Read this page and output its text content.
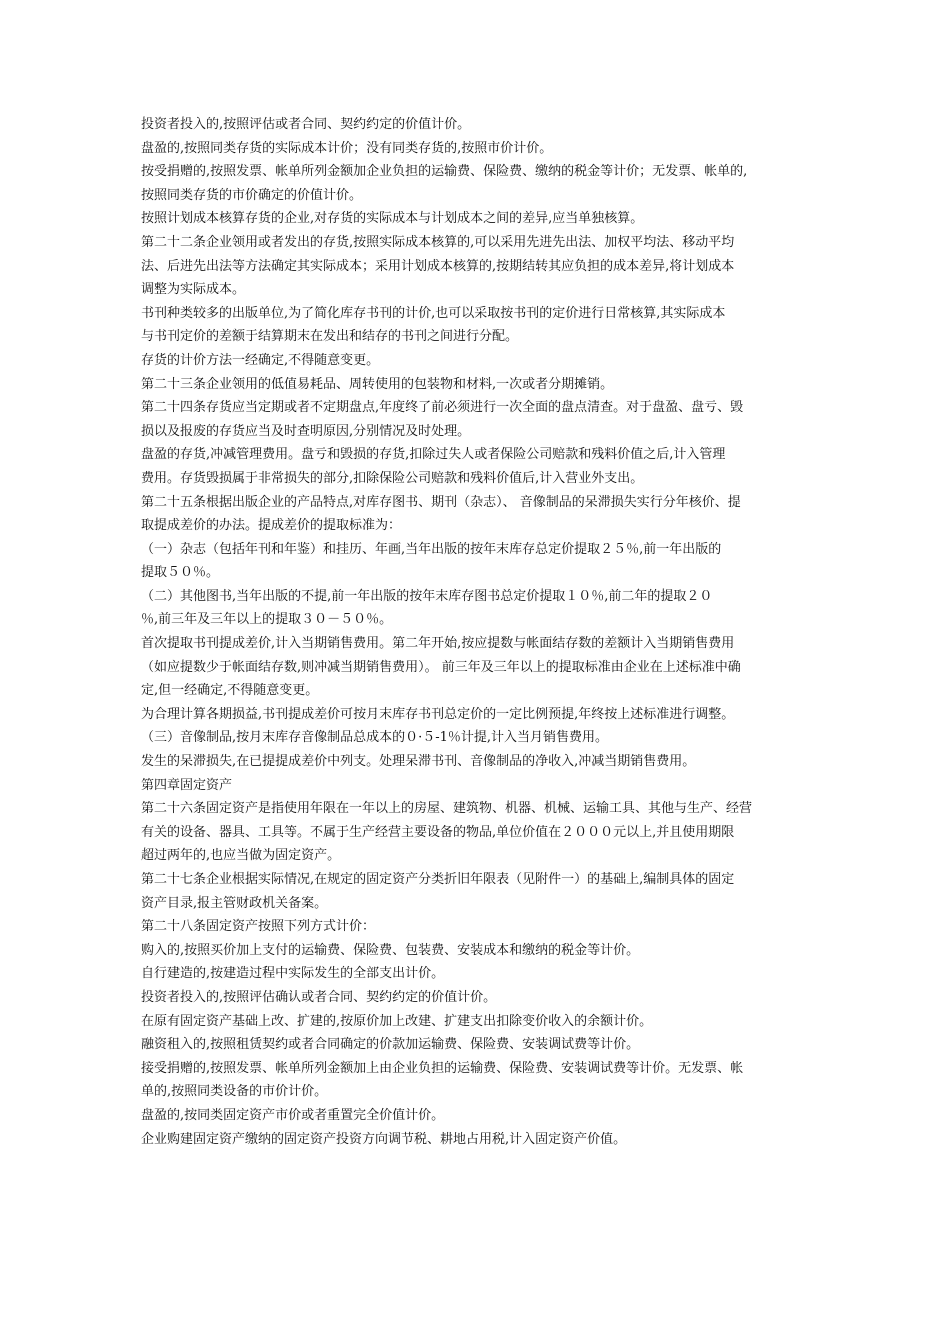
投资者投入的,按照评估或者合同、契约约定的价值计价。
盘盈的,按照同类存货的实际成本计价；没有同类存货的,按照市价计价。
按受捐赠的,按照发票、帐单所列金额加企业负担的运输费、保险费、缴纳的税金等计价；无发票、帐单的,
按照同类存货的市价确定的价值计价。
按照计划成本核算存货的企业,对存货的实际成本与计划成本之间的差异,应当单独核算。
第二十二条企业领用或者发出的存货,按照实际成本核算的,可以采用先进先出法、加权平均法、移动平均
法、后进先出法等方法确定其实际成本；采用计划成本核算的,按期结转其应负担的成本差异,将计划成本
调整为实际成本。
书刊种类较多的出版单位,为了简化库存书刊的计价,也可以采取按书刊的定价进行日常核算,其实际成本
与书刊定价的差额于结算期末在发出和结存的书刊之间进行分配。
存货的计价方法一经确定,不得随意变更。
第二十三条企业领用的低值易耗品、周转使用的包装物和材料,一次或者分期摊销。
第二十四条存货应当定期或者不定期盘点,年度终了前必须进行一次全面的盘点清查。对于盘盈、盘亏、毁
损以及报废的存货应当及时查明原因,分别情况及时处理。
盘盈的存货,冲减管理费用。盘亏和毁损的存货,扣除过失人或者保险公司赔款和残料价值之后,计入管理
费用。存货毁损属于非常损失的部分,扣除保险公司赔款和残料价值后,计入营业外支出。
第二十五条根据出版企业的产品特点,对库存图书、期刊（杂志）、 音像制品的呆滞损失实行分年核价、提
取提成差价的办法。提成差价的提取标准为：
（一）杂志（包括年刊和年鉴）和挂历、年画,当年出版的按年末库存总定价提取２５％,前一年出版的
提取５０％。
（二）其他图书,当年出版的不提,前一年出版的按年末库存图书总定价提取１０％,前二年的提取２０
％,前三年及三年以上的提取３０－５０％。
首次提取书刊提成差价,计入当期销售费用。第二年开始,按应提数与帐面结存数的差额计入当期销售费用
（如应提数少于帐面结存数,则冲减当期销售费用）。 前三年及三年以上的提取标准由企业在上述标准中确
定,但一经确定,不得随意变更。
为合理计算各期损益,书刊提成差价可按月末库存书刊总定价的一定比例预提,年终按上述标准进行调整。
（三）音像制品,按月末库存音像制品总成本的０·５-1％计提,计入当月销售费用。
发生的呆滞损失,在已提提成差价中列支。处理呆滞书刊、音像制品的净收入,冲减当期销售费用。
第四章固定资产
第二十六条固定资产是指使用年限在一年以上的房屋、建筑物、机器、机械、运输工具、其他与生产、经营
有关的设备、器具、工具等。不属于生产经营主要设备的物品,单位价值在２０００元以上,并且使用期限
超过两年的,也应当做为固定资产。
第二十七条企业根据实际情况,在规定的固定资产分类折旧年限表（见附件一）的基础上,编制具体的固定
资产目录,报主管财政机关备案。
第二十八条固定资产按照下列方式计价：
购入的,按照买价加上支付的运输费、保险费、包装费、安装成本和缴纳的税金等计价。
自行建造的,按建造过程中实际发生的全部支出计价。
投资者投入的,按照评估确认或者合同、契约约定的价值计价。
在原有固定资产基础上改、扩建的,按原价加上改建、扩建支出扣除变价收入的余额计价。
融资租入的,按照租赁契约或者合同确定的价款加运输费、保险费、安装调试费等计价。
接受捐赠的,按照发票、帐单所列金额加上由企业负担的运输费、保险费、安装调试费等计价。无发票、帐
单的,按照同类设备的市价计价。
盘盈的,按同类固定资产市价或者重置完全价值计价。
企业购建固定资产缴纳的固定资产投资方向调节税、耕地占用税,计入固定资产价值。
